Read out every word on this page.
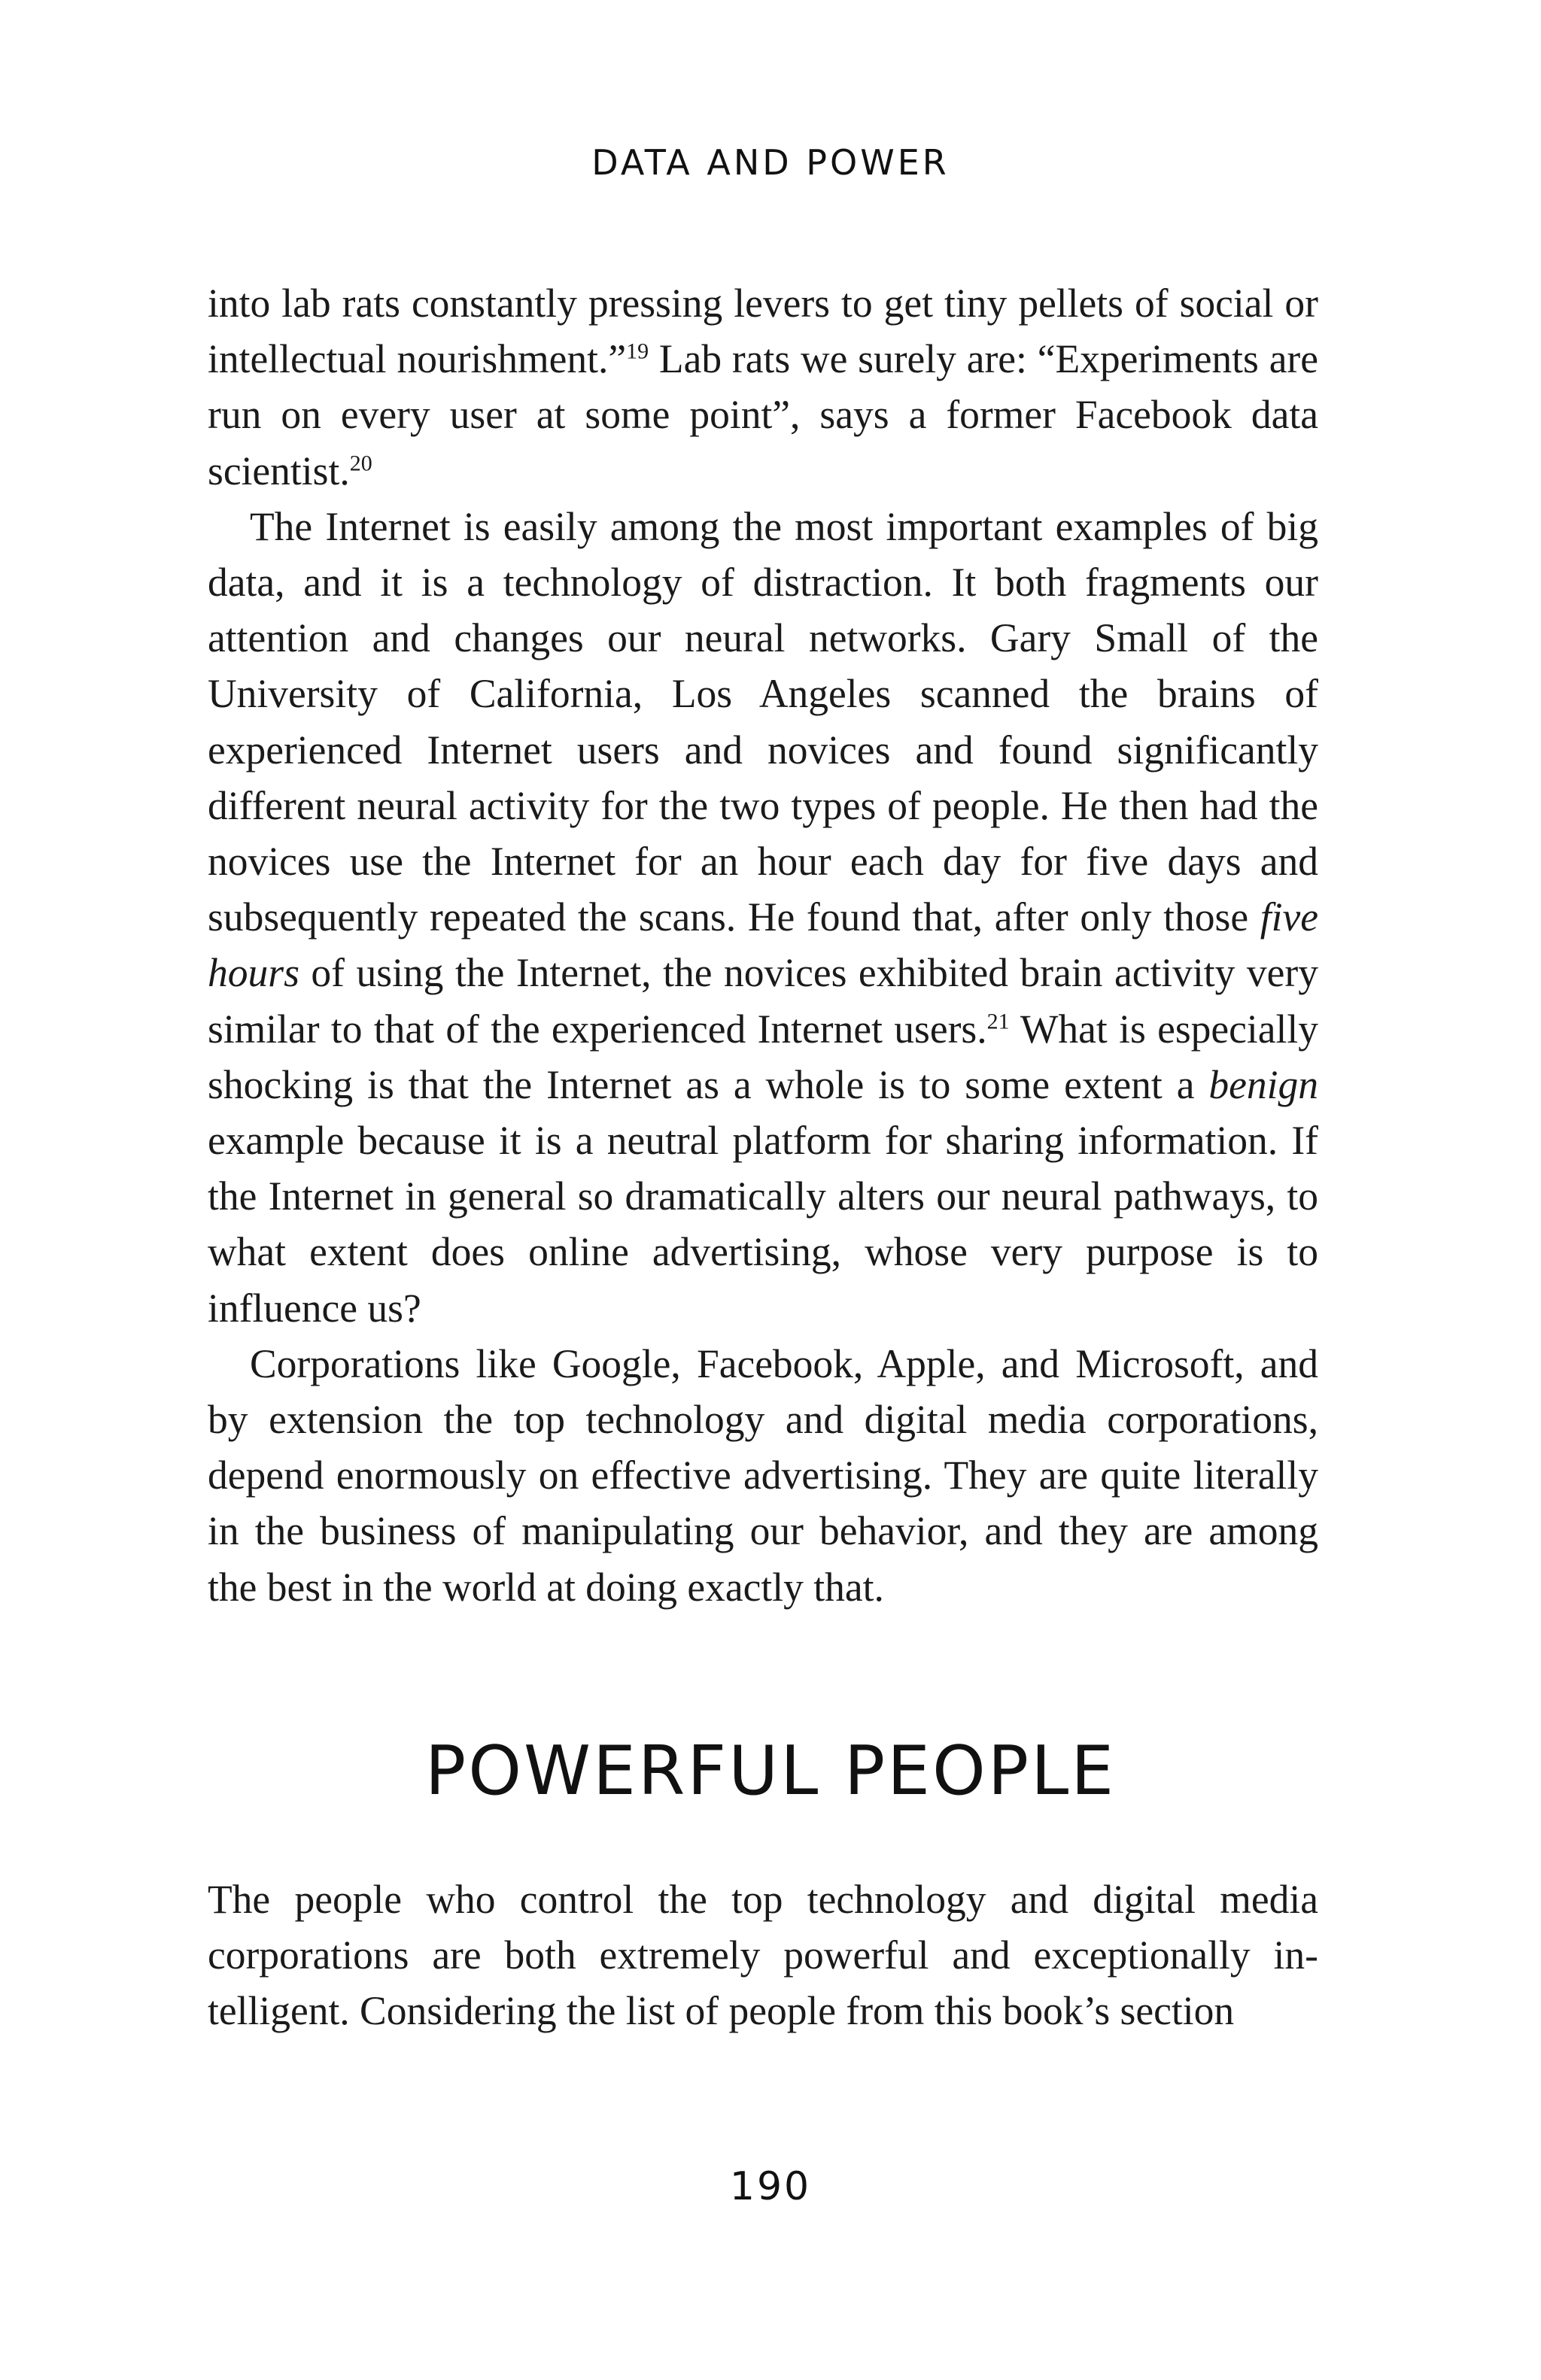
DATA AND POWER

into lab rats constantly pressing levers to get tiny pellets of social or intellectual nourishment.”$^{19}$ Lab rats we surely are: “Experiments are run on every user at some point”, says a former Facebook data scientist.$^{20}$

The Internet is easily among the most important examples of big data, and it is a technology of distraction. It both fragments our attention and changes our neural networks. Gary Small of the University of California, Los Angeles scanned the brains of experienced Internet users and novices and found significantly different neural activity for the two types of people. He then had the novices use the Internet for an hour each day for five days and subsequently repeated the scans. He found that, after only those five hours of using the Internet, the novices exhibited brain activity very similar to that of the experienced Internet users.$^{21}$ What is especially shocking is that the Internet as a whole is to some extent a benign example because it is a neutral platform for sharing information. If the Internet in general so dramatically alters our neural pathways, to what extent does online advertising, whose very purpose is to influence us?

Corporations like Google, Facebook, Apple, and Microsoft, and by extension the top technology and digital media corporations, depend enormously on effective advertising. They are quite literally in the business of manipulating our behavior, and they are among the best in the world at doing exactly that.

POWERFUL PEOPLE

The people who control the top technology and digital media corporations are both extremely powerful and exceptionally intelligent. Considering the list of people from this book’s section

190
